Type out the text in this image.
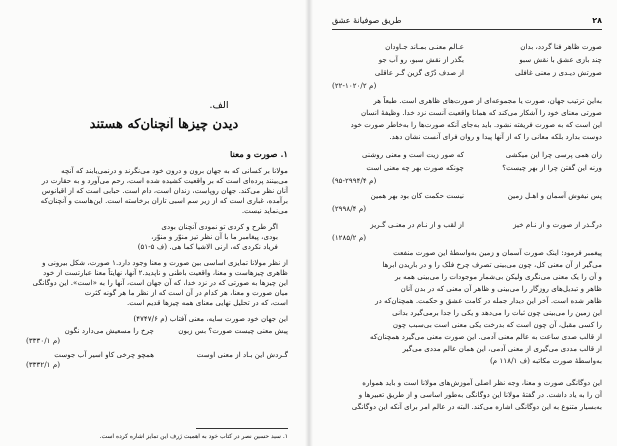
الف.
دیدن چیزها آنچنان‌که هستند
۱. صورت و معنا
مولانا بر کسانی که به جهان برون و درون خود می‌نگرند و درنمی‌یابند که آنچه
می‌بینند پرده‌ای است که بر واقعیت کشیده شده است، رحم می‌آورد و به حقارت در
آنان نظر می‌کند. جهان روپاست، زندان است، دام است. حبابی است که از اقیانوس
برآمده، غباری است که از زیر سم اسبی تازان برخاسته است. این‌هاست و آنچنان‌که
می‌نماید نیست.
اگر طرح و کردی تو نمودی آنچنان بودی
بودی، پیغامبر ما با آن نظر تیز منوّر و منوّر،
فریاد نکردی که، ارنی الاشیا کما هی. (ف ۵-۵۱)
از نظر مولانا تمایزی اساسی بین صورت و معنا وجود دارد.۱ صورت، شکل بیرونی و
ظاهری چیزهاست و معنا، واقعیت باطنی و ناپدید.۲ آنها، نهایتاً معنا عبارتست از خود
این چیزها به صورتی که در نزد خدا، که آن جهان است، آنها را به «است». این دوگانگی
میان صورت و معنا، هر کدام در آن است که از نظر ما هر گونه کثرت
است، که در تحلیل نهایی معنای همه چیزها قدیم است.
این جهان خود صورت سایه، معنی آفتاب (م ۴۷۴۷/۶)
پیش معنی چیست صورت؟ بس زبون
چرخ را مسعیش می‌دارد نگون
(م ۳۳۳۰/۱)
گـردش این بـاد از معنی اوست
همچو چرخی کاو اسیر آب جوست
(م ۳۳۳۲/۱)
۱. سید حسین نصر در کتاب خود به اهمیت ژرف این تمایز اشاره کرده است.
۲۸
طریق صوفیانهٔ عشق
صورت ظاهر فنا گردد، بدان
عـالم معنـی بمـاند جـاودان
چند بازی عشق با نقش سبو
بگذر از نقش سبو، رو آب جو
صورتش دیـدی ز معنی غافلی
از صدف دُرّی گزین گـر عاقلی
(م ۱۰۲۰/۲-۲۲)
به‌این ترتیب جهان، صورت یا مجموعه‌ای از صورت‌های ظاهری است. طبعاً هر
صورتی معنای خود را آشکار می‌کند که همانا واقعیت آنست نزد خدا. وظیفهٔ انسان
این است که به صورت فریفته نشود. باید به‌جای آنکه صورت‌ها را به‌خاطر صورت خود
دوست بدارد بلکه معانی را که از آنها پیدا و روان فرای آنست نشان دهد.
زان همی پرسی چرا این میکشی
که صور زیت است و معنی روشنی
ورنه این گفتن چرا از بهر چیست؟
چونکه صورت بهر چه معنی است
(م ۲۹۹۴/۴-۹۵)
پس نیفوش آسمان و اهـل زمین
نیست حکمت کان بود بهر همین
(م ۲۹۹۸/۴)
درگـذر از صورت و از نـام خیز
از لقب و از نـام در معنـی گـریز
(م ۱۲۸۵/۲)
پیغمبر فرمود: اینک صورت آسمان و زمین به‌واسطهٔ این صورت منفعت
می‌گیر از آن معنی کل، چون می‌بینی تصرف چرخ فلک را و در باریدن ابرها
و آن را یک معنی می‌نگری ولیکن بی‌شمار موجودات را می‌بینی همه بر
ظاهر و تبدیل‌های روزگار را می‌بینی و ظاهر آن معنی که در بدن آنان
ظاهر شده است. آخر این دیدار جمله در کامت عشق و حکمت. همچنان‌که در
این زمین را می‌بینی چون ثبات را می‌دهد و یکی را جدا برمی‌گیرد بدانی
را کسی مقبل، آن چون است که بدرخت یکی معنی است بی‌سبب چون
از قالب صدی ساعت به عالم معنی آدمی. این صورت معنی می‌گیرد همچنان‌که
از قالب مددی می‌گیری از معنی آدمی، این همان عالم مددی می‌گیر
به‌واسطهٔ صورت مکاتبه (ف ۱۱۸/۱ م)
این دوگانگی صورت و معنا، وجه نظر اصلی آموزش‌های مولانا است و باید همواره
آن را به یاد داشت. در گفتهٔ مولانا این دوگانگی به‌طور اساسی و از طریق تعبیرها و
به‌بسیار متنوع به این دوگانگی اشاره می‌کند. البته در عالم امر برای آنکه این دوگانگی
